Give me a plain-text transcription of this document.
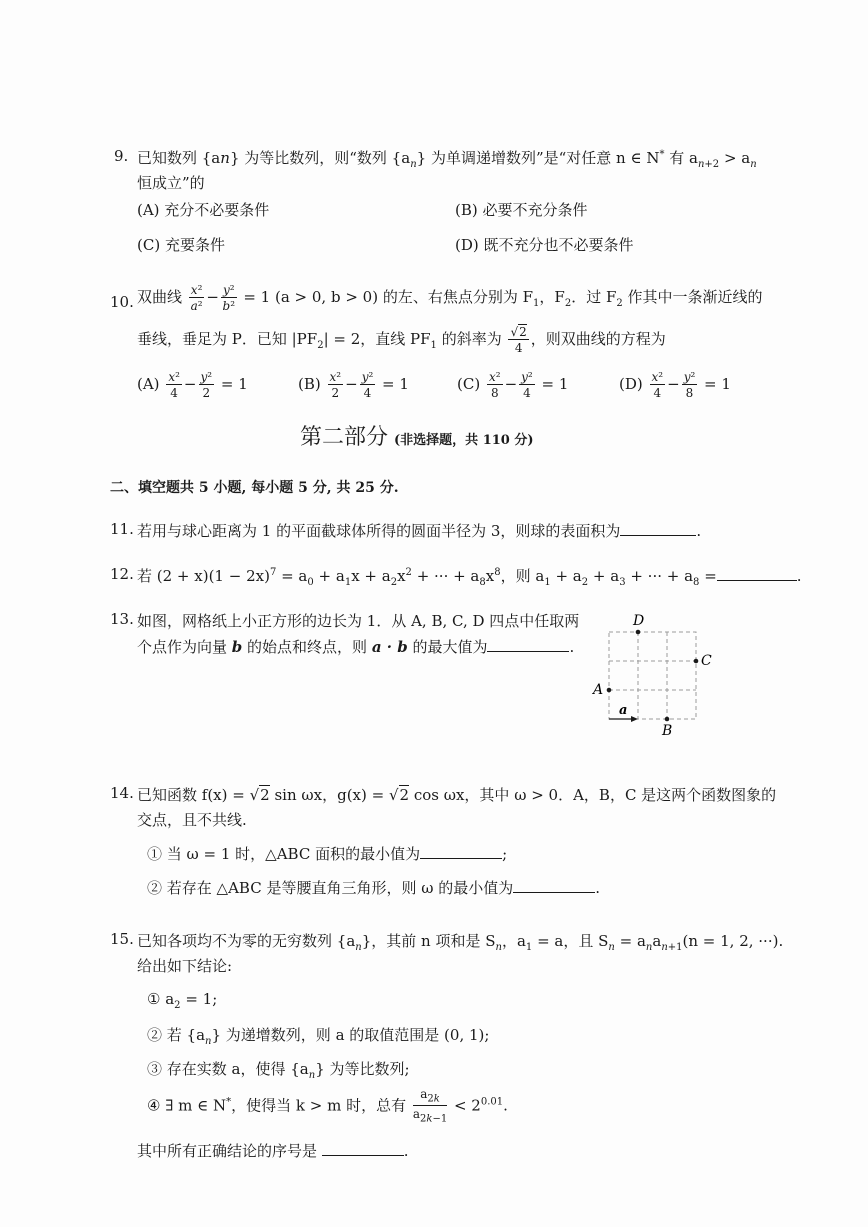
9. 已知数列 {an} 为等比数列，则“数列 $\{a_n\}$ 为单调递增数列”是“对任意 n ∈ N* 有 $a_{n+2} > a_n$
恒成立”的
(A) 充分不必要条件	(B) 必要不充分条件
(C) 充要条件	(D) 既不充分也不必要条件
10. 双曲线 $\frac{\text{x²}}{\text{a²}} - \frac{\text{y²}}{\text{b²}} = 1$ (a > 0, b > 0) 的左、右焦点分别为 $F_1$，$F_2$．过 $F_2$ 作其中一条渐近线的
垂线，垂足为 P．已知 $|PF_2| = 2$，直线 $PF_1$ 的斜率为 $\frac{√2}{4}$ ，则双曲线的方程为
$(A) \frac{\text{x²}}{4} - \frac{\text{y²}}{2} = 1$	$(B) \frac{\text{x²}}{2} - \frac{\text{y²}}{4} = 1$	$(C) \frac{\text{x²}}{8} - \frac{\text{y²}}{4} = 1$	$(D) \frac{\text{x²}}{4} - \frac{\text{y²}}{8} = 1$
第二部分 (非选择题，共 110 分)
二、填空题共 5 小题, 每小题 5 分, 共 25 分.
11. 若用与球心距离为 1 的平面截球体所得的圆面半径为 3，则球的表面积为	.
12. 若 $(2 + x)(1 - 2x)^7 = a_0 + a_1x + a_2x^2$ + ··· + $a_8x^8$，则 $a_1 + a_2 + a_3$ + ··· + $a_8$ =	.
13. 如图，网格纸上小正方形的边长为 1．从 A, B, C, D 四点中任取两
个点作为向量 b 的始点和终点，则 a · b 的最大值为	.
A
B
C
D
a
14. 已知函数 f(x) = √2 sin ωx，g(x) = √2 cos ωx，其中 ω > 0．A，B，C 是这两个函数图象的
交点，且不共线.
① 当 ω = 1 时，△ABC 面积的最小值为	;
② 若存在 △ABC 是等腰直角三角形，则 ω 的最小值为	.
15. 已知各项均不为零的无穷数列 $\{a_n\}$，其前 n 项和是 $S_n$，$a_1 = a$，且 $S_n = a_na_{n+1}(n = 1$, 2, ···).
给出如下结论:
① $a_2 = 1$;
② 若 $\{a_n\}$ 为递增数列，则 a 的取值范围是 (0, 1);
③ 存在实数 a，使得 $\{a_n\}$ 为等比数列;
④ ∃ m ∈ N*，使得当 k > m 时，总有 $\frac{a_{2k}}{a_{2k-1}} < 2^{0.01}$.
其中所有正确结论的序号是	.
